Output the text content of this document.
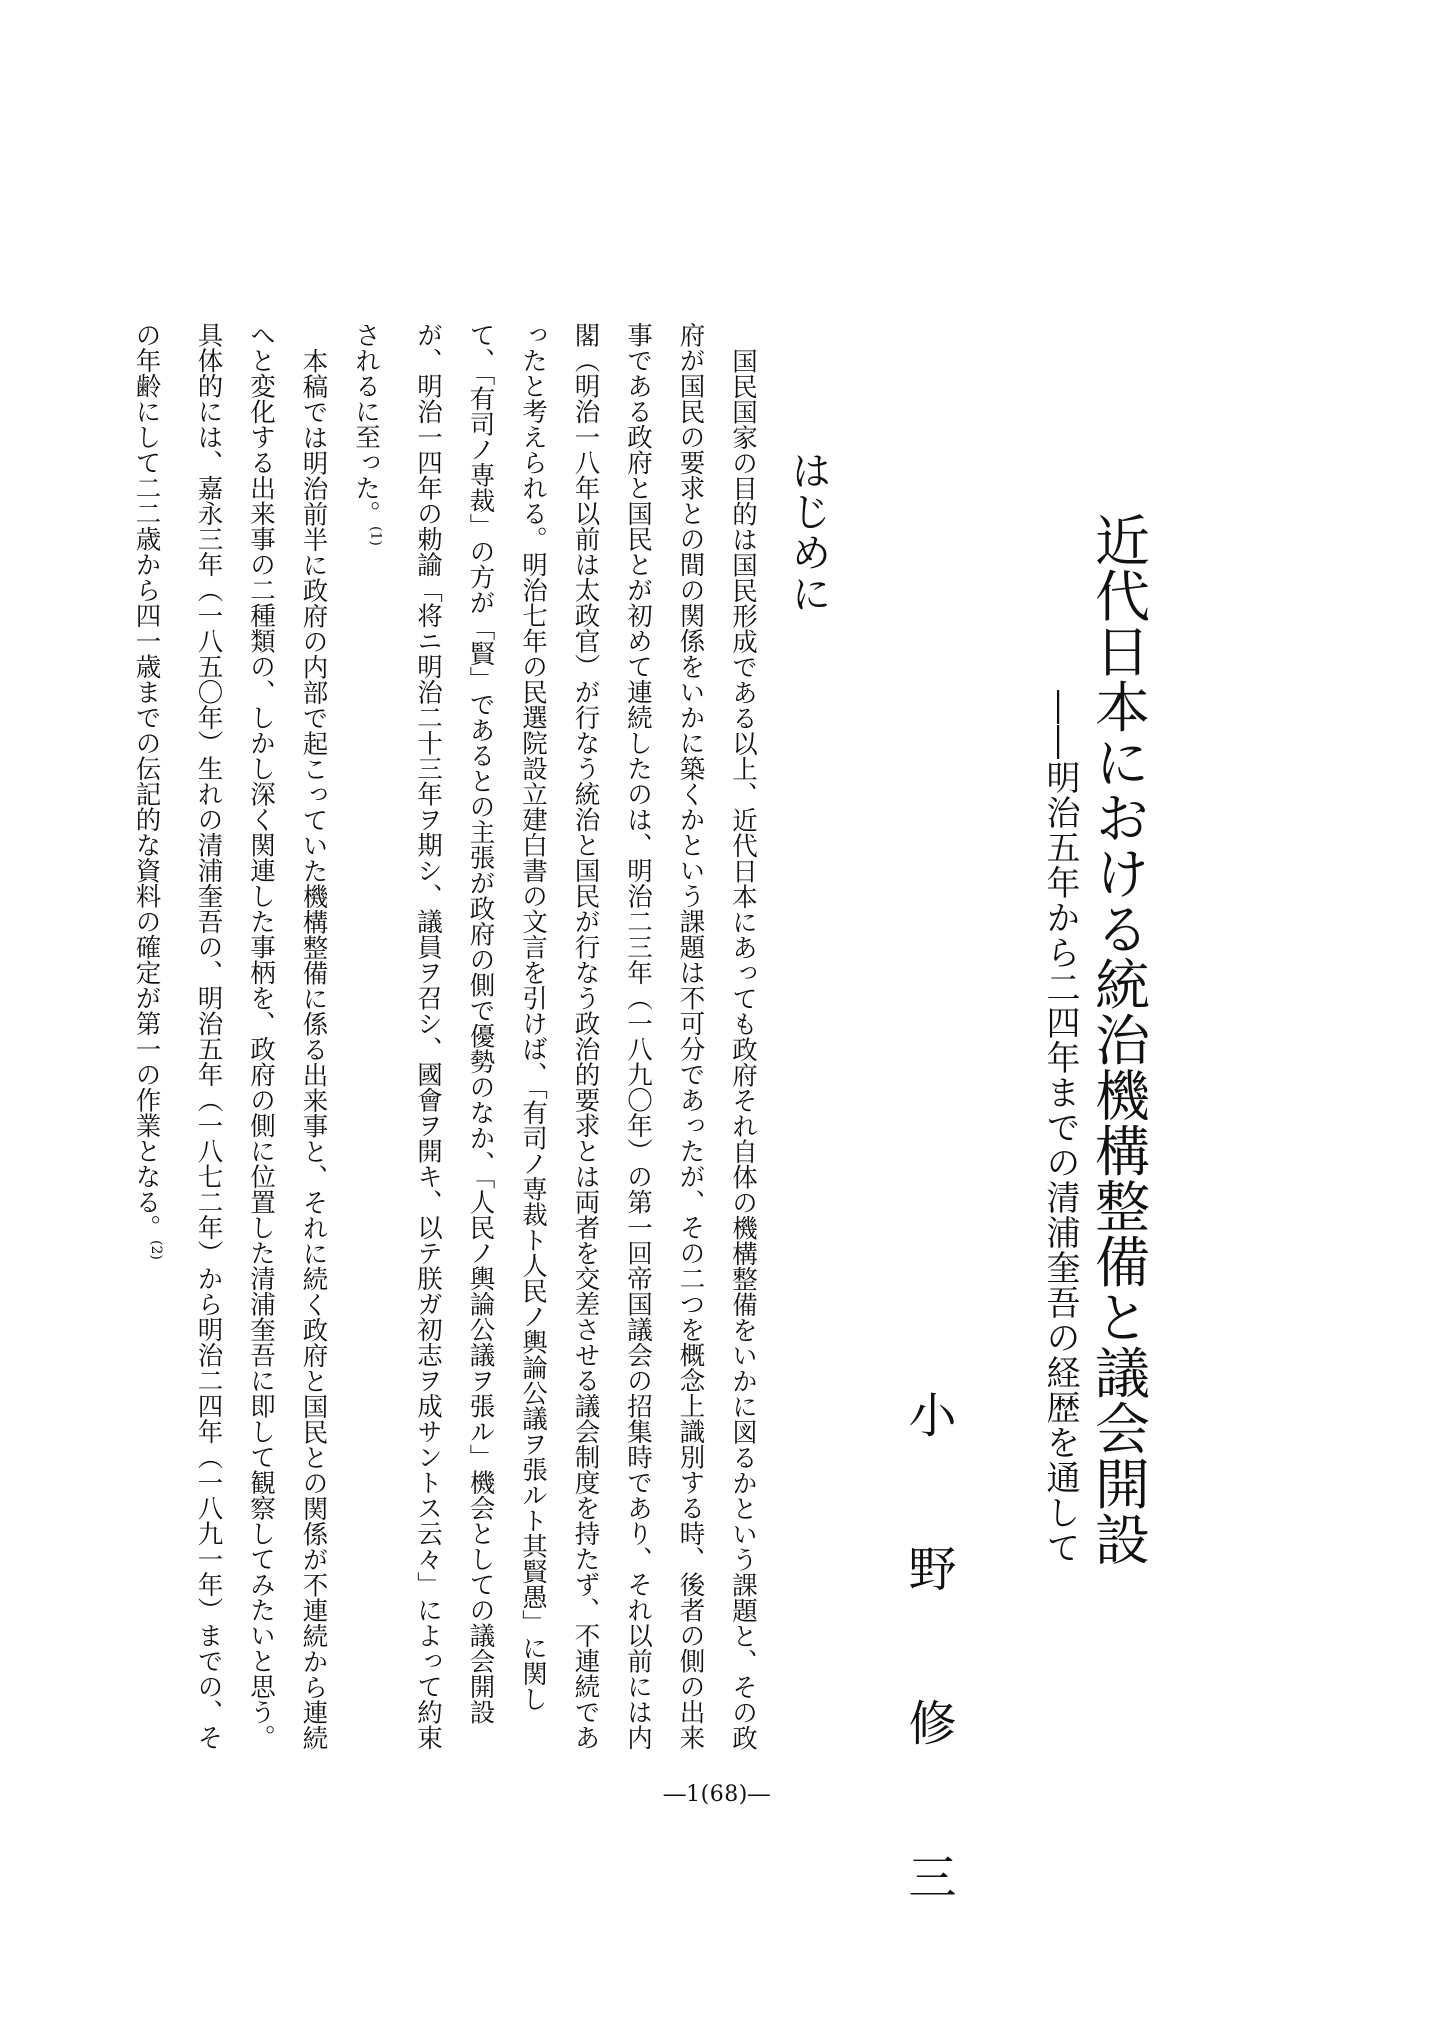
近代日本における統治機構整備と議会開設
――明治五年から二四年までの清浦奎吾の経歴を通して
小
野
修
三
はじめに

国民国家の目的は国民形成である以上、近代日本にあっても政府それ自体の機構整備をいかに図るかという課題と、その政府が国民の要求との間の関係をいかに築くかという課題は不可分であったが、その二つを概念上識別する時、後者の側の出来事である政府と国民とが初めて連続したのは、明治二三年（一八九〇年）の第一回帝国議会の招集時であり、それ以前には内閣（明治一八年以前は太政官）が行なう統治と国民が行なう政治的要求とは両者を交差させる議会制度を持たず、不連続であったと考えられる。明治七年の民選院設立建白書の文言を引けば、「有司ノ専裁ト人民ノ輿論公議ヲ張ルト其賢愚」に関して、「有司ノ専裁」の方が「賢」であるとの主張が政府の側で優勢のなか、「人民ノ輿論公議ヲ張ル」機会としての議会開設が、明治一四年の勅諭「将ニ明治二十三年ヲ期シ、議員ヲ召シ、國會ヲ開キ、以テ朕ガ初志ヲ成サントス云々」によって約束されるに至った。$^{(1)}$

本稿では明治前半に政府の内部で起こっていた機構整備に係る出来事と、それに続く政府と国民との関係が不連続から連続へと変化する出来事の二種類の、しかし深く関連した事柄を、政府の側に位置した清浦奎吾に即して観察してみたいと思う。具体的には、嘉永三年（一八五〇年）生れの清浦奎吾の、明治五年（一八七二年）から明治二四年（一八九一年）までの、その年齢にして二二歳から四一歳までの伝記的な資料の確定が第一の作業となる。$^{(2)}$

―1(68)―
